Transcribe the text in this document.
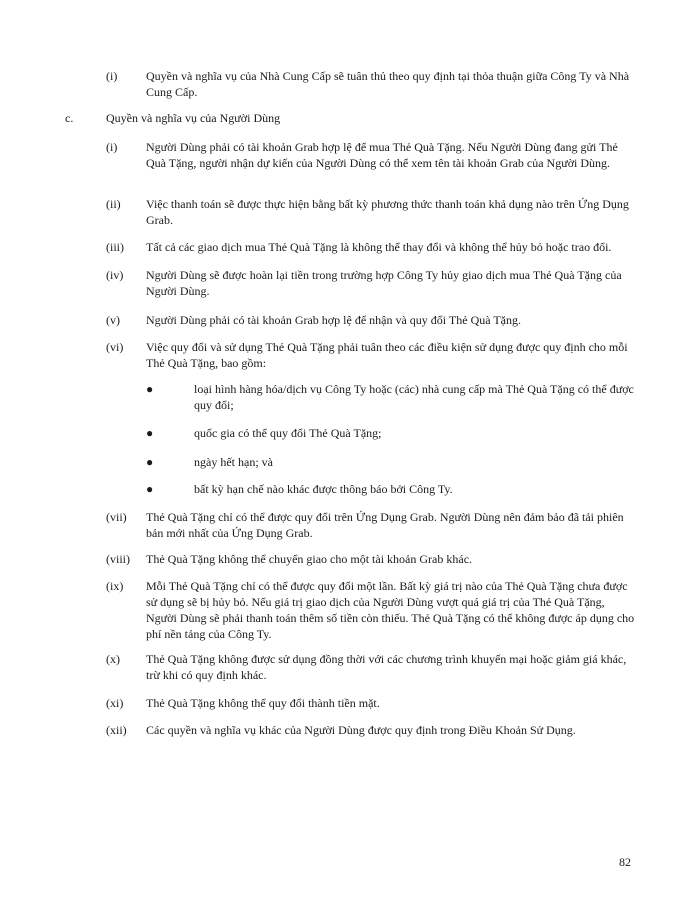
(i) Quyền và nghĩa vụ của Nhà Cung Cấp sẽ tuân thủ theo quy định tại thỏa thuận giữa Công Ty và Nhà Cung Cấp.
c.	Quyền và nghĩa vụ của Người Dùng
(i) Người Dùng phải có tài khoản Grab hợp lệ để mua Thẻ Quà Tặng. Nếu Người Dùng đang gửi Thẻ Quà Tặng, người nhận dự kiến của Người Dùng có thể xem tên tài khoản Grab của Người Dùng.
(ii) Việc thanh toán sẽ được thực hiện bằng bất kỳ phương thức thanh toán khả dụng nào trên Ứng Dụng Grab.
(iii) Tất cả các giao dịch mua Thẻ Quà Tặng là không thể thay đổi và không thể hủy bỏ hoặc trao đổi.
(iv) Người Dùng sẽ được hoàn lại tiền trong trường hợp Công Ty hủy giao dịch mua Thẻ Quà Tặng của Người Dùng.
(v) Người Dùng phải có tài khoản Grab hợp lệ để nhận và quy đổi Thẻ Quà Tặng.
(vi) Việc quy đổi và sử dụng Thẻ Quà Tặng phải tuân theo các điều kiện sử dụng được quy định cho mỗi Thẻ Quà Tặng, bao gồm:
●	loại hình hàng hóa/dịch vụ Công Ty hoặc (các) nhà cung cấp mà Thẻ Quà Tặng có thể được quy đổi;
●	quốc gia có thể quy đổi Thẻ Quà Tặng;
●	ngày hết hạn; và
●	bất kỳ hạn chế nào khác được thông báo bởi Công Ty.
(vii) Thẻ Quà Tặng chỉ có thể được quy đổi trên Ứng Dụng Grab. Người Dùng nên đảm bảo đã tải phiên bản mới nhất của Ứng Dụng Grab.
(viii) Thẻ Quà Tặng không thể chuyển giao cho một tài khoản Grab khác.
(ix) Mỗi Thẻ Quà Tặng chỉ có thể được quy đổi một lần. Bất kỳ giá trị nào của Thẻ Quà Tặng chưa được sử dụng sẽ bị hủy bỏ. Nếu giá trị giao dịch của Người Dùng vượt quá giá trị của Thẻ Quà Tặng, Người Dùng sẽ phải thanh toán thêm số tiền còn thiếu. Thẻ Quà Tặng có thể không được áp dụng cho phí nền tảng của Công Ty.
(x) Thẻ Quà Tặng không được sử dụng đồng thời với các chương trình khuyến mại hoặc giảm giá khác, trừ khi có quy định khác.
(xi) Thẻ Quà Tặng không thể quy đổi thành tiền mặt.
(xii) Các quyền và nghĩa vụ khác của Người Dùng được quy định trong Điều Khoản Sử Dụng.
82
